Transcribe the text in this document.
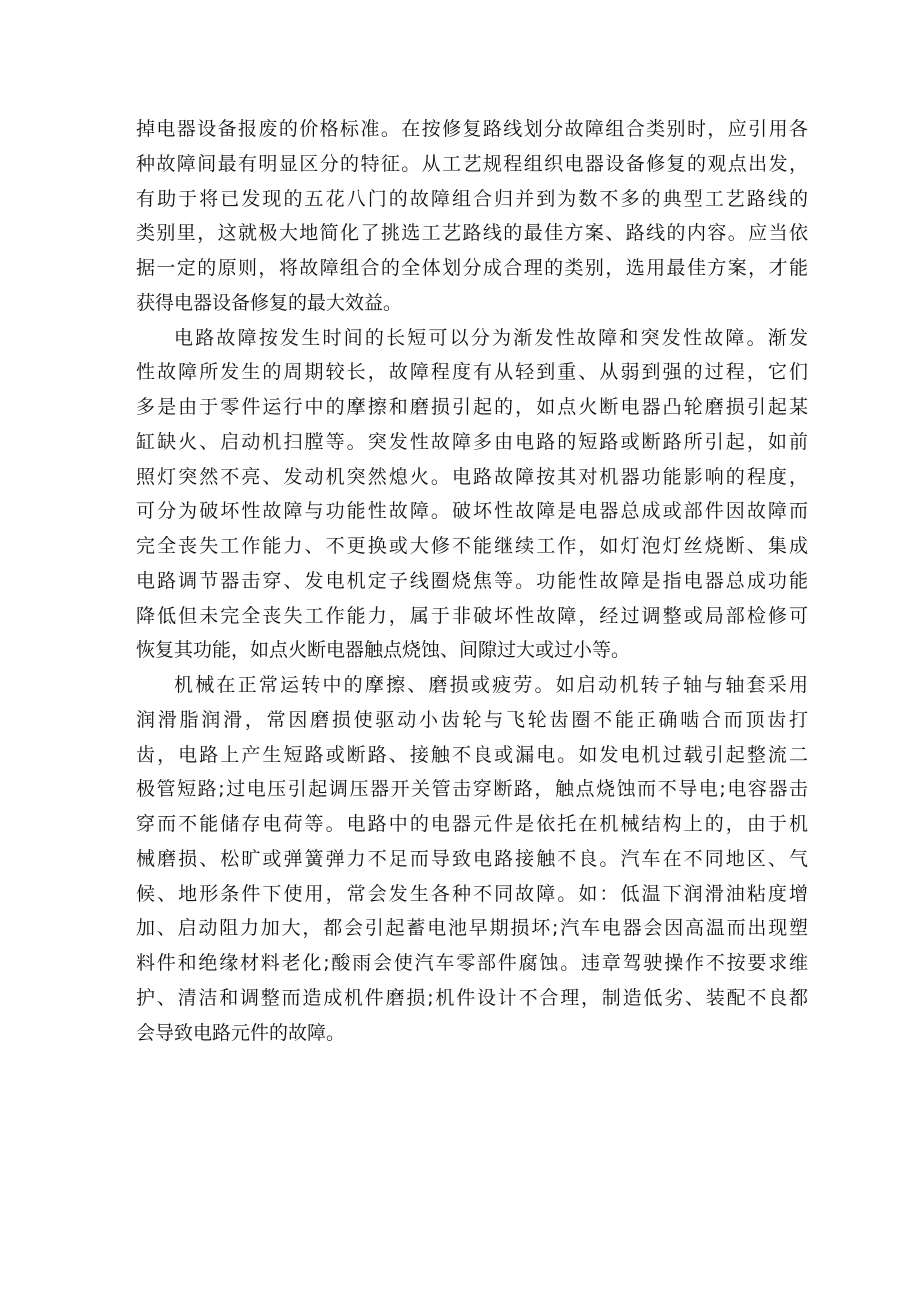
掉电器设备报废的价格标准。在按修复路线划分故障组合类别时，应引用各
种故障间最有明显区分的特征。从工艺规程组织电器设备修复的观点出发，
有助于将已发现的五花八门的故障组合归并到为数不多的典型工艺路线的
类别里，这就极大地简化了挑选工艺路线的最佳方案、路线的内容。应当依
据一定的原则，将故障组合的全体划分成合理的类别，选用最佳方案，才能
获得电器设备修复的最大效益。
电路故障按发生时间的长短可以分为渐发性故障和突发性故障。渐发
性故障所发生的周期较长，故障程度有从轻到重、从弱到强的过程，它们
多是由于零件运行中的摩擦和磨损引起的，如点火断电器凸轮磨损引起某
缸缺火、启动机扫膛等。突发性故障多由电路的短路或断路所引起，如前
照灯突然不亮、发动机突然熄火。电路故障按其对机器功能影响的程度，
可分为破坏性故障与功能性故障。破坏性故障是电器总成或部件因故障而
完全丧失工作能力、不更换或大修不能继续工作，如灯泡灯丝烧断、集成
电路调节器击穿、发电机定子线圈烧焦等。功能性故障是指电器总成功能
降低但未完全丧失工作能力，属于非破坏性故障，经过调整或局部检修可
恢复其功能，如点火断电器触点烧蚀、间隙过大或过小等。
机械在正常运转中的摩擦、磨损或疲劳。如启动机转子轴与轴套采用
润滑脂润滑，常因磨损使驱动小齿轮与飞轮齿圈不能正确啮合而顶齿打
齿，电路上产生短路或断路、接触不良或漏电。如发电机过载引起整流二
极管短路;过电压引起调压器开关管击穿断路，触点烧蚀而不导电;电容器击
穿而不能储存电荷等。电路中的电器元件是依托在机械结构上的，由于机
械磨损、松旷或弹簧弹力不足而导致电路接触不良。汽车在不同地区、气
候、地形条件下使用，常会发生各种不同故障。如：低温下润滑油粘度增
加、启动阻力加大，都会引起蓄电池早期损坏;汽车电器会因高温而出现塑
料件和绝缘材料老化;酸雨会使汽车零部件腐蚀。违章驾驶操作不按要求维
护、清洁和调整而造成机件磨损;机件设计不合理，制造低劣、装配不良都
会导致电路元件的故障。
